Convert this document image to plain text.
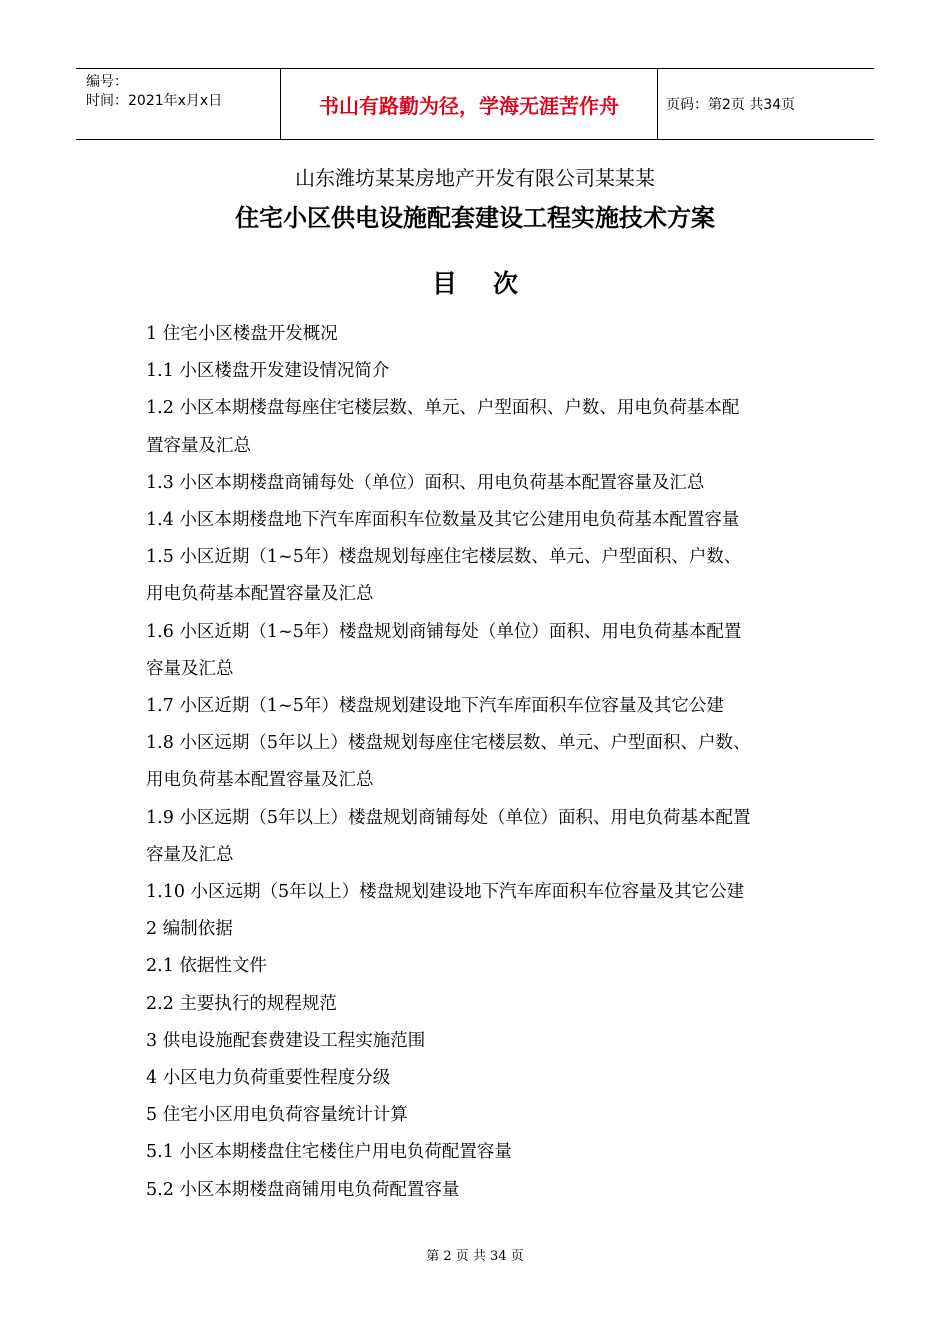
编号：
时间：2021年x月x日	书山有路勤为径，学海无涯苦作舟	页码：第2页 共34页
山东潍坊某某房地产开发有限公司某某某
住宅小区供电设施配套建设工程实施技术方案
目次
1 住宅小区楼盘开发概况
1.1 小区楼盘开发建设情况简介
1.2 小区本期楼盘每座住宅楼层数、单元、户型面积、户数、用电负荷基本配
置容量及汇总
1.3 小区本期楼盘商铺每处（单位）面积、用电负荷基本配置容量及汇总
1.4 小区本期楼盘地下汽车库面积车位数量及其它公建用电负荷基本配置容量
1.5 小区近期（1~5年）楼盘规划每座住宅楼层数、单元、户型面积、户数、
用电负荷基本配置容量及汇总
1.6 小区近期（1~5年）楼盘规划商铺每处（单位）面积、用电负荷基本配置
容量及汇总
1.7 小区近期（1~5年）楼盘规划建设地下汽车库面积车位容量及其它公建
1.8 小区远期（5年以上）楼盘规划每座住宅楼层数、单元、户型面积、户数、
用电负荷基本配置容量及汇总
1.9 小区远期（5年以上）楼盘规划商铺每处（单位）面积、用电负荷基本配置
容量及汇总
1.10 小区远期（5年以上）楼盘规划建设地下汽车库面积车位容量及其它公建
2 编制依据
2.1 依据性文件
2.2 主要执行的规程规范
3 供电设施配套费建设工程实施范围
4 小区电力负荷重要性程度分级
5 住宅小区用电负荷容量统计计算
5.1 小区本期楼盘住宅楼住户用电负荷配置容量
5.2 小区本期楼盘商铺用电负荷配置容量
第 2 页 共 34 页
